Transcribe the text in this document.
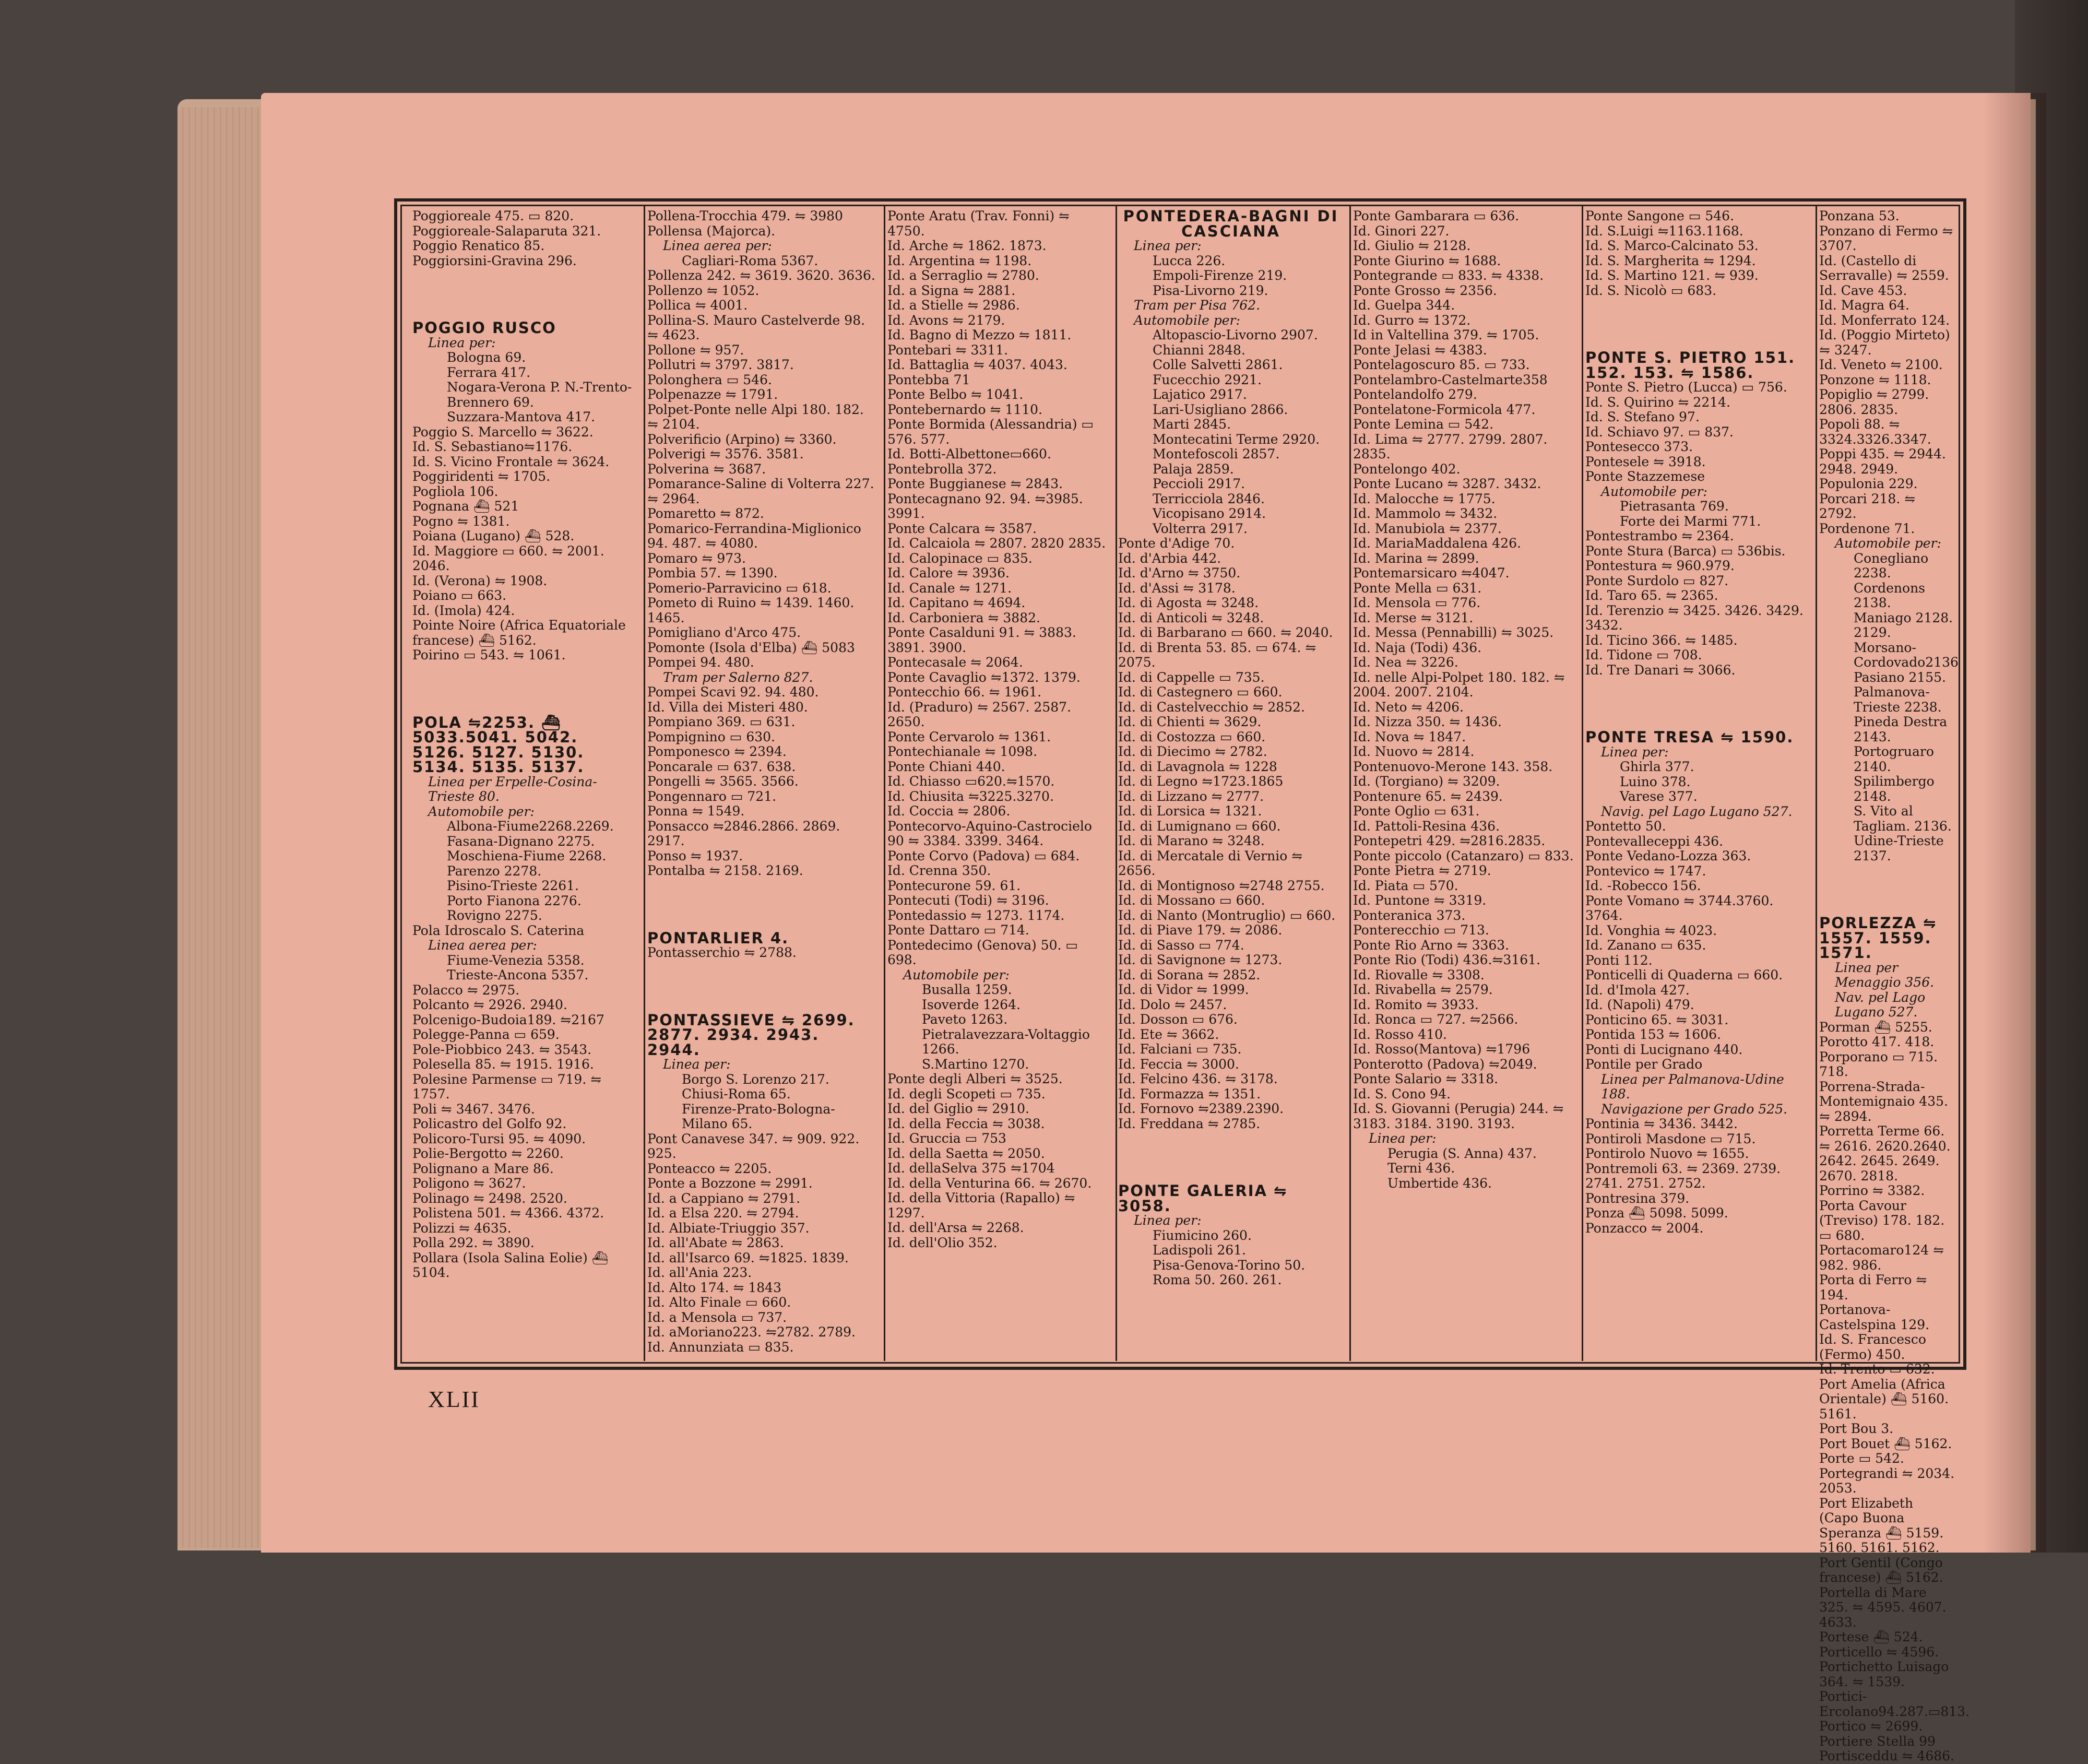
Poggioreale 475. ▭ 820.
Poggioreale-Salaparuta 321.
Poggio Renatico 85.
Poggiorsini-Gravina 296.
POGGIO RUSCO
Linea per:
Bologna 69.
Ferrara 417.
Nogara-Verona P. N.-Trento-Brennero 69.
Suzzara-Mantova 417.
Poggio S. Marcello ⇋ 3622.
Id. S. Sebastiano⇋1176.
Id. S. Vicino Frontale ⇋ 3624.
Poggiridenti ⇋ 1705.
Pogliola 106.
Pognana ⛴ 521
Pogno ⇋ 1381.
Poiana (Lugano) ⛴ 528.
Id. Maggiore ▭ 660. ⇋ 2001. 2046.
Id. (Verona) ⇋ 1908.
Poiano ▭ 663.
Id. (Imola) 424.
Pointe Noire (Africa Equatoriale francese) ⛴ 5162.
Poirino ▭ 543. ⇋ 1061.
POLA ⇋2253. ⛴5033.5041. 5042. 5126. 5127. 5130. 5134. 5135. 5137.
Linea per Erpelle-Cosina-Trieste 80.
Automobile per:
Albona-Fiume2268.2269.
Fasana-Dignano 2275.
Moschiena-Fiume 2268.
Parenzo 2278.
Pisino-Trieste 2261.
Porto Fianona 2276.
Rovigno 2275.
Pola Idroscalo S. Caterina
Linea aerea per:
Fiume-Venezia 5358.
Trieste-Ancona 5357.
Polacco ⇋ 2975.
Polcanto ⇋ 2926. 2940.
Polcenigo-Budoia189. ⇋2167
Polegge-Panna ▭ 659.
Pole-Piobbico 243. ⇋ 3543.
Polesella 85. ⇋ 1915. 1916.
Polesine Parmense ▭ 719. ⇋ 1757.
Poli ⇋ 3467. 3476.
Policastro del Golfo 92.
Policoro-Tursi 95. ⇋ 4090.
Polie-Bergotto ⇋ 2260.
Polignano a Mare 86.
Poligono ⇋ 3627.
Polinago ⇋ 2498. 2520.
Polistena 501. ⇋ 4366. 4372.
Polizzi ⇋ 4635.
Polla 292. ⇋ 3890.
Pollara (Isola Salina Eolie) ⛴ 5104.
Pollena-Trocchia 479. ⇋ 3980
Pollensa (Majorca).
Linea aerea per:
Cagliari-Roma 5367.
Pollenza 242. ⇋ 3619. 3620. 3636.
Pollenzo ⇋ 1052.
Pollica ⇋ 4001.
Pollina-S. Mauro Castelverde 98. ⇋ 4623.
Pollone ⇋ 957.
Pollutri ⇋ 3797. 3817.
Polonghera ▭ 546.
Polpenazze ⇋ 1791.
Polpet-Ponte nelle Alpi 180. 182. ⇋ 2104.
Polverificio (Arpino) ⇋ 3360.
Polverigi ⇋ 3576. 3581.
Polverina ⇋ 3687.
Pomarance-Saline di Volterra 227. ⇋ 2964.
Pomaretto ⇋ 872.
Pomarico-Ferrandina-Miglionico 94. 487. ⇋ 4080.
Pomaro ⇋ 973.
Pombia 57. ⇋ 1390.
Pomerio-Parravicino ▭ 618.
Pometo di Ruino ⇋ 1439. 1460. 1465.
Pomigliano d'Arco 475.
Pomonte (Isola d'Elba) ⛴ 5083
Pompei 94. 480.
Tram per Salerno 827.
Pompei Scavi 92. 94. 480.
Id. Villa dei Misteri 480.
Pompiano 369. ▭ 631.
Pompignino ▭ 630.
Pomponesco ⇋ 2394.
Poncarale ▭ 637. 638.
Pongelli ⇋ 3565. 3566.
Pongennaro ▭ 721.
Ponna ⇋ 1549.
Ponsacco ⇋2846.2866. 2869. 2917.
Ponso ⇋ 1937.
Pontalba ⇋ 2158. 2169.
PONTARLIER 4.
Pontasserchio ⇋ 2788.
PONTASSIEVE ⇋ 2699. 2877. 2934. 2943. 2944.
Linea per:
Borgo S. Lorenzo 217.
Chiusi-Roma 65.
Firenze-Prato-Bologna-Milano 65.
Pont Canavese 347. ⇋ 909. 922. 925.
Ponteacco ⇋ 2205.
Ponte a Bozzone ⇋ 2991.
Id. a Cappiano ⇋ 2791.
Id. a Elsa 220. ⇋ 2794.
Id. Albiate-Triuggio 357.
Id. all'Abate ⇋ 2863.
Id. all'Isarco 69. ⇋1825. 1839.
Id. all'Ania 223.
Id. Alto 174. ⇋ 1843
Id. Alto Finale ▭ 660.
Id. a Mensola ▭ 737.
Id. aMoriano223. ⇋2782. 2789.
Id. Annunziata ▭ 835.
Ponte Aratu (Trav. Fonni) ⇋ 4750.
Id. Arche ⇋ 1862. 1873.
Id. Argentina ⇋ 1198.
Id. a Serraglio ⇋ 2780.
Id. a Signa ⇋ 2881.
Id. a Stielle ⇋ 2986.
Id. Avons ⇋ 2179.
Id. Bagno di Mezzo ⇋ 1811.
Pontebari ⇋ 3311.
Id. Battaglia ⇋ 4037. 4043.
Pontebba 71
Ponte Belbo ⇋ 1041.
Pontebernardo ⇋ 1110.
Ponte Bormida (Alessandria) ▭ 576. 577.
Id. Botti-Albettone▭660.
Pontebrolla 372.
Ponte Buggianese ⇋ 2843.
Pontecagnano 92. 94. ⇋3985. 3991.
Ponte Calcara ⇋ 3587.
Id. Calcaiola ⇋ 2807. 2820 2835.
Id. Calopinace ▭ 835.
Id. Calore ⇋ 3936.
Id. Canale ⇋ 1271.
Id. Capitano ⇋ 4694.
Id. Carboniera ⇋ 3882.
Ponte Casalduni 91. ⇋ 3883. 3891. 3900.
Pontecasale ⇋ 2064.
Ponte Cavaglio ⇋1372. 1379.
Pontecchio 66. ⇋ 1961.
Id. (Praduro) ⇋ 2567. 2587. 2650.
Ponte Cervarolo ⇋ 1361.
Pontechianale ⇋ 1098.
Ponte Chiani 440.
Id. Chiasso ▭620.⇋1570.
Id. Chiusita ⇋3225.3270.
Id. Coccia ⇋ 2806.
Pontecorvo-Aquino-Castrocielo 90 ⇋ 3384. 3399. 3464.
Ponte Corvo (Padova) ▭ 684.
Id. Crenna 350.
Pontecurone 59. 61.
Pontecuti (Todi) ⇋ 3196.
Pontedassio ⇋ 1273. 1174.
Ponte Dattaro ▭ 714.
Pontedecimo (Genova) 50. ▭ 698.
Automobile per:
Busalla 1259.
Isoverde 1264.
Paveto 1263.
Pietralavezzara-Voltaggio 1266.
S.Martino 1270.
Ponte degli Alberi ⇋ 3525.
Id. degli Scopeti ▭ 735.
Id. del Giglio ⇋ 2910.
Id. della Feccia ⇋ 3038.
Id. Gruccia ▭ 753
Id. della Saetta ⇋ 2050.
Id. dellaSelva 375 ⇋1704
Id. della Venturina 66. ⇋ 2670.
Id. della Vittoria (Rapallo) ⇋ 1297.
Id. dell'Arsa ⇋ 2268.
Id. dell'Olio 352.
PONTEDERA-BAGNI DI CASCIANA
Linea per:
Lucca 226.
Empoli-Firenze 219.
Pisa-Livorno 219.
Tram per Pisa 762.
Automobile per:
Altopascio-Livorno 2907.
Chianni 2848.
Colle Salvetti 2861.
Fucecchio 2921.
Lajatico 2917.
Lari-Usigliano 2866.
Marti 2845.
Montecatini Terme 2920.
Montefoscoli 2857.
Palaja 2859.
Peccioli 2917.
Terricciola 2846.
Vicopisano 2914.
Volterra 2917.
Ponte d'Adige 70.
Id. d'Arbia 442.
Id. d'Arno ⇋ 3750.
Id. d'Assi ⇋ 3178.
Id. di Agosta ⇋ 3248.
Id. di Anticoli ⇋ 3248.
Id. di Barbarano ▭ 660. ⇋ 2040.
Id. di Brenta 53. 85. ▭ 674. ⇋ 2075.
Id. di Cappelle ▭ 735.
Id. di Castegnero ▭ 660.
Id. di Castelvecchio ⇋ 2852.
Id. di Chienti ⇋ 3629.
Id. di Costozza ▭ 660.
Id. di Diecimo ⇋ 2782.
Id. di Lavagnola ⇋ 1228
Id. di Legno ⇋1723.1865
Id. di Lizzano ⇋ 2777.
Id. di Lorsica ⇋ 1321.
Id. di Lumignano ▭ 660.
Id. di Marano ⇋ 3248.
Id. di Mercatale di Vernio ⇋ 2656.
Id. di Montignoso ⇋2748 2755.
Id. di Mossano ▭ 660.
Id. di Nanto (Montruglio) ▭ 660.
Id. di Piave 179. ⇋ 2086.
Id. di Sasso ▭ 774.
Id. di Savignone ⇋ 1273.
Id. di Sorana ⇋ 2852.
Id. di Vidor ⇋ 1999.
Id. Dolo ⇋ 2457.
Id. Dosson ▭ 676.
Id. Ete ⇋ 3662.
Id. Falciani ▭ 735.
Id. Feccia ⇋ 3000.
Id. Felcino 436. ⇋ 3178.
Id. Formazza ⇋ 1351.
Id. Fornovo ⇋2389.2390.
Id. Freddana ⇋ 2785.
PONTE GALERIA ⇋ 3058.
Linea per:
Fiumicino 260.
Ladispoli 261.
Pisa-Genova-Torino 50.
Roma 50. 260. 261.
Ponte Gambarara ▭ 636.
Id. Ginori 227.
Id. Giulio ⇋ 2128.
Ponte Giurino ⇋ 1688.
Pontegrande ▭ 833. ⇋ 4338.
Ponte Grosso ⇋ 2356.
Id. Guelpa 344.
Id. Gurro ⇋ 1372.
Id in Valtellina 379. ⇋ 1705.
Ponte Jelasi ⇋ 4383.
Pontelagoscuro 85. ▭ 733.
Pontelambro-Castelmarte358
Pontelandolfo 279.
Pontelatone-Formicola 477.
Ponte Lemina ▭ 542.
Id. Lima ⇋ 2777. 2799. 2807. 2835.
Pontelongo 402.
Ponte Lucano ⇋ 3287. 3432.
Id. Malocche ⇋ 1775.
Id. Mammolo ⇋ 3432.
Id. Manubiola ⇋ 2377.
Id. MariaMaddalena 426.
Id. Marina ⇋ 2899.
Pontemarsicaro ⇋4047.
Ponte Mella ▭ 631.
Id. Mensola ▭ 776.
Id. Merse ⇋ 3121.
Id. Messa (Pennabilli) ⇋ 3025.
Id. Naja (Todi) 436.
Id. Nea ⇋ 3226.
Id. nelle Alpi-Polpet 180. 182. ⇋ 2004. 2007. 2104.
Id. Neto ⇋ 4206.
Id. Nizza 350. ⇋ 1436.
Id. Nova ⇋ 1847.
Id. Nuovo ⇋ 2814.
Pontenuovo-Merone 143. 358.
Id. (Torgiano) ⇋ 3209.
Pontenure 65. ⇋ 2439.
Ponte Oglio ▭ 631.
Id. Pattoli-Resina 436.
Pontepetri 429. ⇋2816.2835.
Ponte piccolo (Catanzaro) ▭ 833.
Ponte Pietra ⇋ 2719.
Id. Piata ▭ 570.
Id. Puntone ⇋ 3319.
Ponteranica 373.
Ponterecchio ▭ 713.
Ponte Rio Arno ⇋ 3363.
Ponte Rio (Todi) 436.⇋3161.
Id. Riovalle ⇋ 3308.
Id. Rivabella ⇋ 2579.
Id. Romito ⇋ 3933.
Id. Ronca ▭ 727. ⇋2566.
Id. Rosso 410.
Id. Rosso(Mantova) ⇋1796
Ponterotto (Padova) ⇋2049.
Ponte Salario ⇋ 3318.
Id. S. Cono 94.
Id. S. Giovanni (Perugia) 244. ⇋ 3183. 3184. 3190. 3193.
Linea per:
Perugia (S. Anna) 437.
Terni 436.
Umbertide 436.
Ponte Sangone ▭ 546.
Id. S.Luigi ⇋1163.1168.
Id. S. Marco-Calcinato 53.
Id. S. Margherita ⇋ 1294.
Id. S. Martino 121. ⇋ 939.
Id. S. Nicolò ▭ 683.
PONTE S. PIETRO 151. 152. 153. ⇋ 1586.
Ponte S. Pietro (Lucca) ▭ 756.
Id. S. Quirino ⇋ 2214.
Id. S. Stefano 97.
Id. Schiavo 97. ▭ 837.
Pontesecco 373.
Pontesele ⇋ 3918.
Ponte Stazzemese
Automobile per:
Pietrasanta 769.
Forte dei Marmi 771.
Pontestrambo ⇋ 2364.
Ponte Stura (Barca) ▭ 536bis.
Pontestura ⇋ 960.979.
Ponte Surdolo ▭ 827.
Id. Taro 65. ⇋ 2365.
Id. Terenzio ⇋ 3425. 3426. 3429. 3432.
Id. Ticino 366. ⇋ 1485.
Id. Tidone ▭ 708.
Id. Tre Danari ⇋ 3066.
PONTE TRESA ⇋ 1590.
Linea per:
Ghirla 377.
Luino 378.
Varese 377.
Navig. pel Lago Lugano 527.
Pontetto 50.
Pontevalleceppi 436.
Ponte Vedano-Lozza 363.
Pontevico ⇋ 1747.
Id. -Robecco 156.
Ponte Vomano ⇋ 3744.3760. 3764.
Id. Vonghia ⇋ 4023.
Id. Zanano ▭ 635.
Ponti 112.
Ponticelli di Quaderna ▭ 660.
Id. d'Imola 427.
Id. (Napoli) 479.
Ponticino 65. ⇋ 3031.
Pontida 153 ⇋ 1606.
Ponti di Lucignano 440.
Pontile per Grado
Linea per Palmanova-Udine 188.
Navigazione per Grado 525.
Pontinia ⇋ 3436. 3442.
Pontiroli Masdone ▭ 715.
Pontirolo Nuovo ⇋ 1655.
Pontremoli 63. ⇋ 2369. 2739. 2741. 2751. 2752.
Pontresina 379.
Ponza ⛴ 5098. 5099.
Ponzacco ⇋ 2004.
Ponzana 53.
Ponzano di Fermo ⇋ 3707.
Id. (Castello di Serravalle) ⇋ 2559.
Id. Cave 453.
Id. Magra 64.
Id. Monferrato 124.
Id. (Poggio Mirteto) ⇋ 3247.
Id. Veneto ⇋ 2100.
Ponzone ⇋ 1118.
Popiglio ⇋ 2799. 2806. 2835.
Popoli 88. ⇋ 3324.3326.3347.
Poppi 435. ⇋ 2944. 2948. 2949.
Populonia 229.
Porcari 218. ⇋ 2792.
Pordenone 71.
Automobile per:
Conegliano 2238.
Cordenons 2138.
Maniago 2128. 2129.
Morsano-Cordovado2136
Pasiano 2155.
Palmanova-Trieste 2238.
Pineda Destra 2143.
Portogruaro 2140.
Spilimbergo 2148.
S. Vito al Tagliam. 2136.
Udine-Trieste 2137.
PORLEZZA ⇋ 1557. 1559. 1571.
Linea per Menaggio 356.
Nav. pel Lago Lugano 527.
Porman ⛴ 5255.
Porotto 417. 418.
Porporano ▭ 715. 718.
Porrena-Strada-Montemignaio 435. ⇋ 2894.
Porretta Terme 66. ⇋ 2616. 2620.2640. 2642. 2645. 2649. 2670. 2818.
Porrino ⇋ 3382.
Porta Cavour (Treviso) 178. 182. ▭ 680.
Portacomaro124 ⇋ 982. 986.
Porta di Ferro ⇋ 194.
Portanova-Castelspina 129.
Id. S. Francesco (Fermo) 450.
Id. Trento ▭ 632.
Port Amelia (Africa Orientale) ⛴ 5160. 5161.
Port Bou 3.
Port Bouet ⛴ 5162.
Porte ▭ 542.
Portegrandi ⇋ 2034. 2053.
Port Elizabeth (Capo Buona Speranza ⛴ 5159. 5160. 5161. 5162.
Port Gentil (Congo francese) ⛴ 5162.
Portella di Mare 325. ⇋ 4595. 4607. 4633.
Portese ⛴ 524.
Porticello ⇋ 4596.
Portichetto Luisago 364. ⇋ 1539.
Portici-Ercolano94.287.▭813.
Portico ⇋ 2699.
Portiere Stella 99
Portisceddu ⇋ 4686.
XLII
